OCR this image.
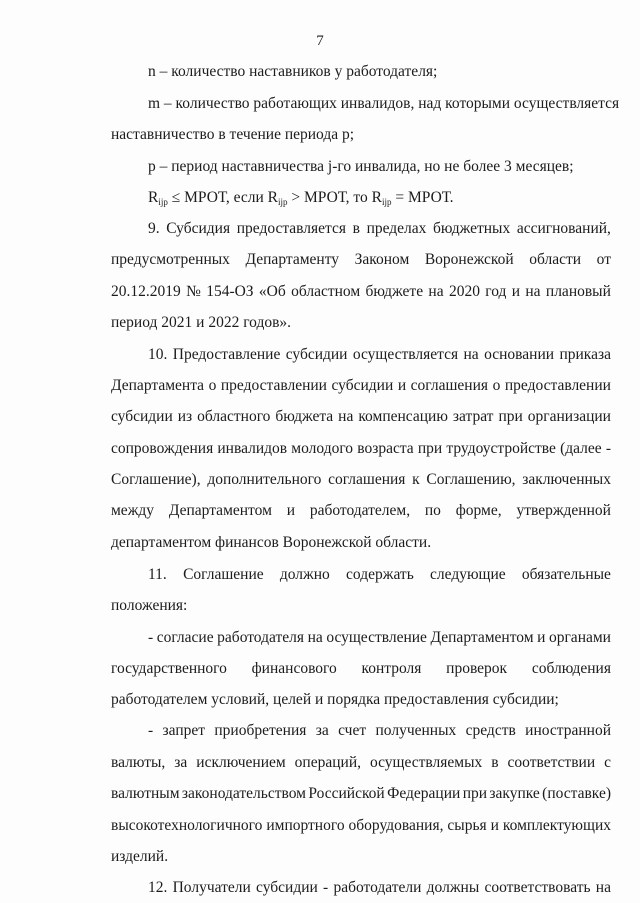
7
n – количество наставников у работодателя;
m – количество работающих инвалидов, над которыми осуществляется
наставничество в течение периода p;
p – период наставничества j-го инвалида, но не более 3 месяцев;
$R_{ijp}$ ≤ МРОТ, если $R_{ijp}$ > МРОТ, то $R_{ijp}$ = МРОТ.
9. Субсидия предоставляется в пределах бюджетных ассигнований,
предусмотренных Департаменту Законом Воронежской области от
20.12.2019 № 154-ОЗ «Об областном бюджете на 2020 год и на плановый
период 2021 и 2022 годов».
10. Предоставление субсидии осуществляется на основании приказа
Департамента о предоставлении субсидии и соглашения о предоставлении
субсидии из областного бюджета на компенсацию затрат при организации
сопровождения инвалидов молодого возраста при трудоустройстве (далее -
Соглашение), дополнительного соглашения к Соглашению, заключенных
между Департаментом и работодателем, по форме, утвержденной
департаментом финансов Воронежской области.
11. Соглашение должно содержать следующие обязательные
положения:
- согласие работодателя на осуществление Департаментом и органами
государственного финансового контроля проверок соблюдения
работодателем условий, целей и порядка предоставления субсидии;
- запрет приобретения за счет полученных средств иностранной
валюты, за исключением операций, осуществляемых в соответствии с
валютным законодательством Российской Федерации при закупке (поставке)
высокотехнологичного импортного оборудования, сырья и комплектующих
изделий.
12. Получатели субсидии - работодатели должны соответствовать на
